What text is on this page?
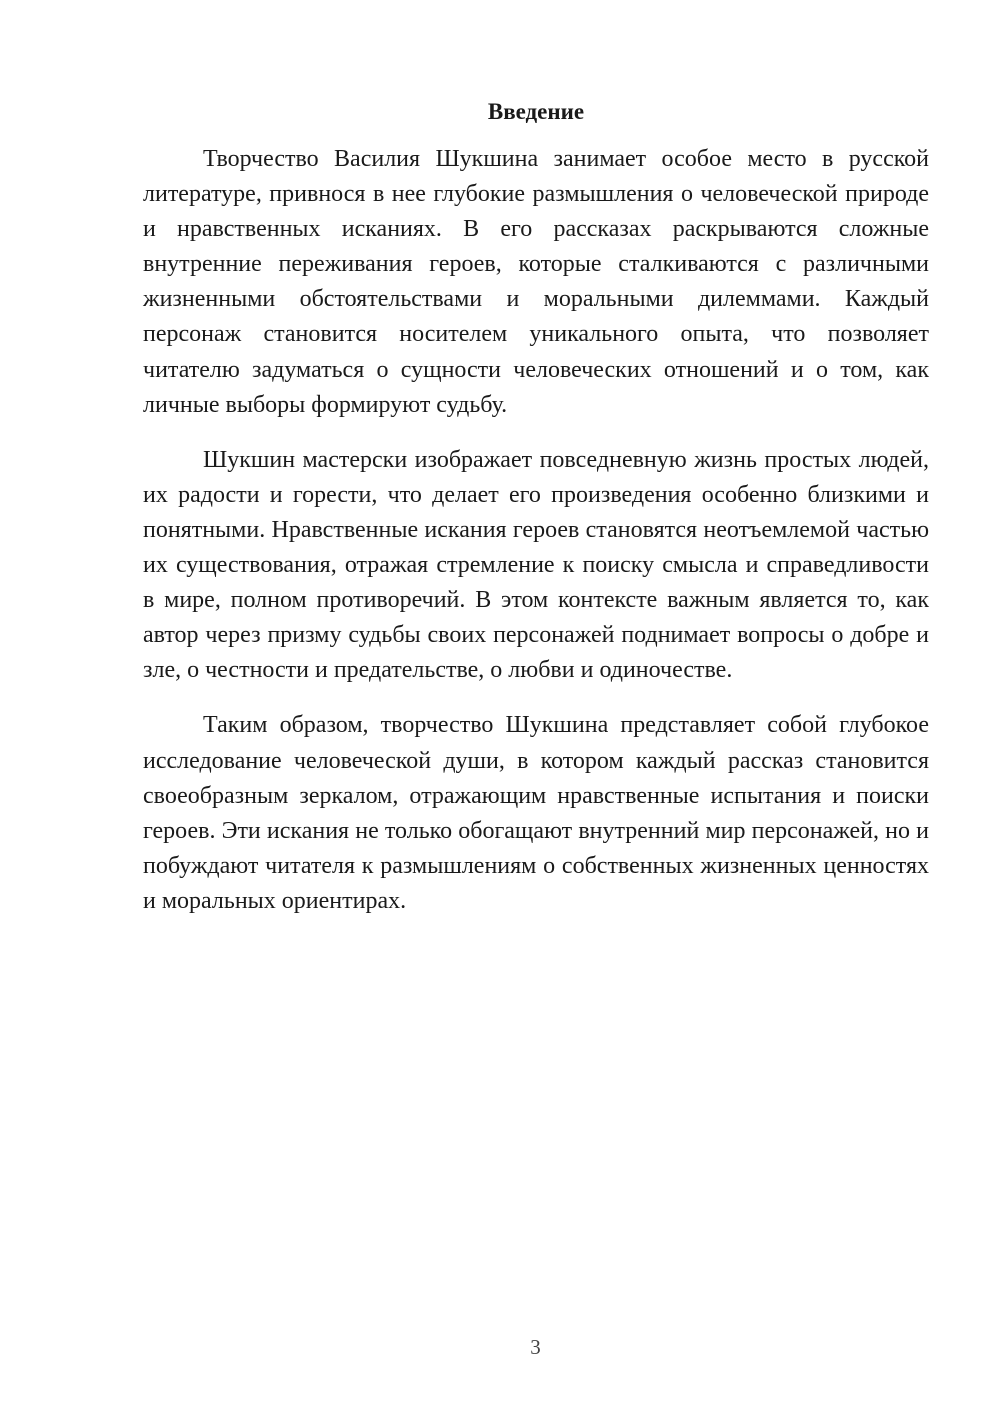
Введение

Творчество Василия Шукшина занимает особое место в русской литературе, привнося в нее глубокие размышления о человеческой природе и нравственных исканиях. В его рассказах раскрываются сложные внутренние переживания героев, которые сталкиваются с различными жизненными обстоятельствами и моральными дилеммами. Каждый персонаж становится носителем уникального опыта, что позволяет читателю задуматься о сущности человеческих отношений и о том, как личные выборы формируют судьбу.

Шукшин мастерски изображает повседневную жизнь простых людей, их радости и горести, что делает его произведения особенно близкими и понятными. Нравственные искания героев становятся неотъемлемой частью их существования, отражая стремление к поиску смысла и справедливости в мире, полном противоречий. В этом контексте важным является то, как автор через призму судьбы своих персонажей поднимает вопросы о добре и зле, о честности и предательстве, о любви и одиночестве.

Таким образом, творчество Шукшина представляет собой глубокое исследование человеческой души, в котором каждый рассказ становится своеобразным зеркалом, отражающим нравственные испытания и поиски героев. Эти искания не только обогащают внутренний мир персонажей, но и побуждают читателя к размышлениям о собственных жизненных ценностях и моральных ориентирах.

3
